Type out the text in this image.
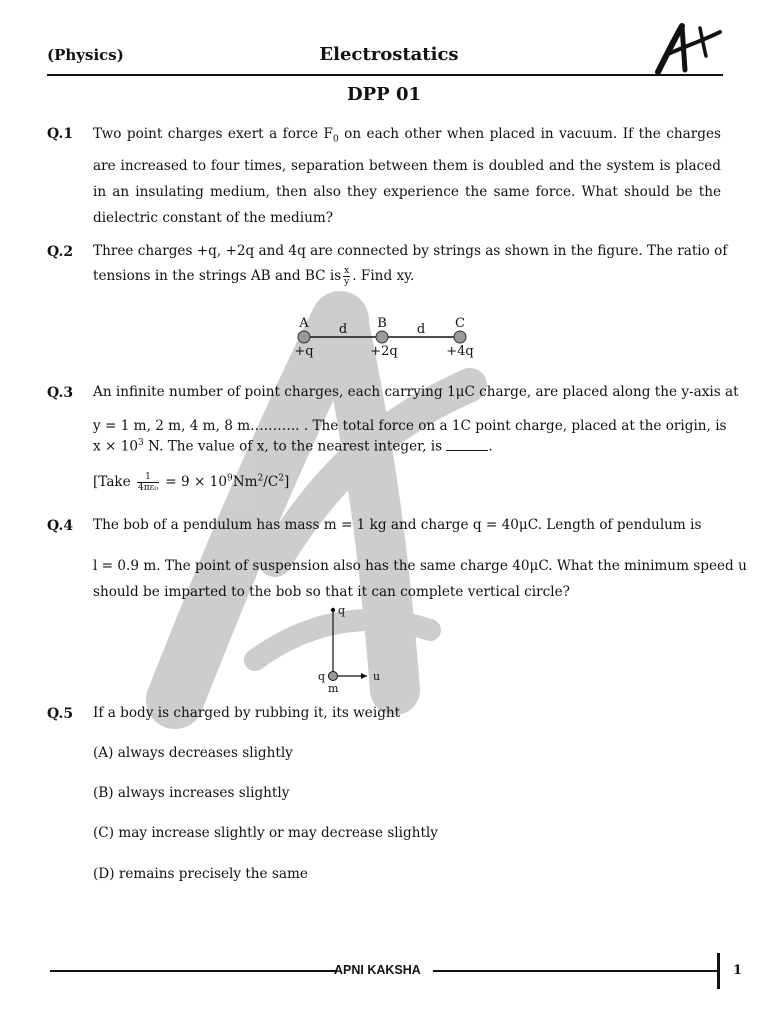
(Physics)	Electrostatics
DPP 01
Q.1 Two point charges exert a force $F_0$ on each other when placed in vacuum. If the charges are increased to four times, separation between them is doubled and the system is placed in an insulating medium, then also they experience the same force. What should be the dielectric constant of the medium?
Q.2 Three charges +q, +2q and 4q are connected by strings as shown in the figure. The ratio of
tensions in the strings AB and BC is $\frac{x}{y}$ . Find xy.
A	B	C
d	d
+q	+2q	+4q
Q.3 An infinite number of point charges, each carrying 1μC charge, are placed along the y-axis at
y = 1 m, 2 m, 4 m, 8 m……….. . The total force on a 1C point charge, placed at the origin, is
$x \times 10^3$ N. The value of x, to the nearest integer, is	.
[Take $\frac{1}{\text{4πε₀}} = 9 \times 10^9Nm^2/C^2$]
Q.4 The bob of a pendulum has mass m = 1 kg and charge q = 40μC. Length of pendulum is
l = 0.9 m. The point of suspension also has the same charge 40μC. What the minimum speed u
should be imparted to the bob so that it can complete vertical circle?
q
q
m
u
Q.5 If a body is charged by rubbing it, its weight
(A) always decreases slightly
(B) always increases slightly
(C) may increase slightly or may decrease slightly
(D) remains precisely the same
APNI KAKSHA	1
